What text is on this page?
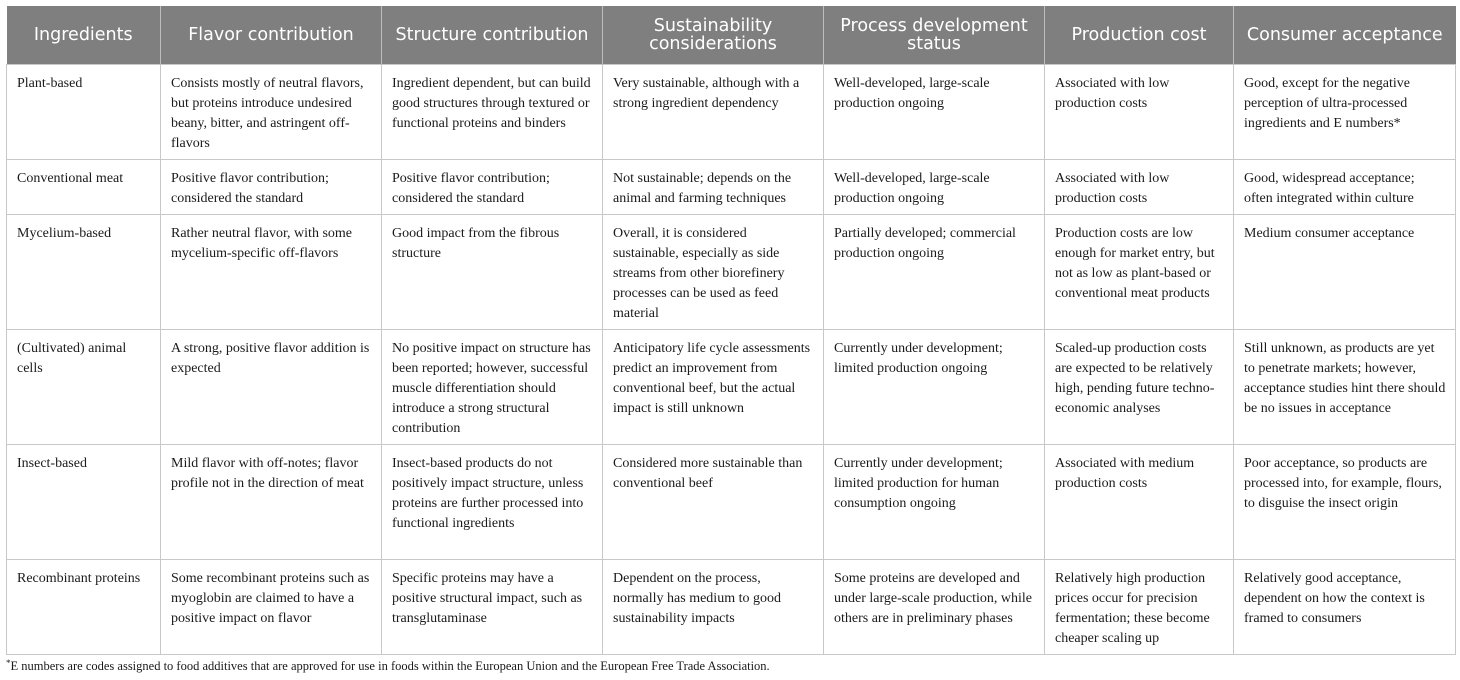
Ingredients	Flavor contribution	Structure contribution	Sustainability considerations	Process development status	Production cost	Consumer acceptance
Plant-based	Consists mostly of neutral flavors, but proteins introduce undesired beany, bitter, and astringent off-flavors	Ingredient dependent, but can build good structures through textured or functional proteins and binders	Very sustainable, although with a strong ingredient dependency	Well-developed, large-scale production ongoing	Associated with low production costs	Good, except for the negative perception of ultra-processed ingredients and E numbers*
Conventional meat	Positive flavor contribution; considered the standard	Positive flavor contribution; considered the standard	Not sustainable; depends on the animal and farming techniques	Well-developed, large-scale production ongoing	Associated with low production costs	Good, widespread acceptance; often integrated within culture
Mycelium-based	Rather neutral flavor, with some mycelium-specific off-flavors	Good impact from the fibrous structure	Overall, it is considered sustainable, especially as side streams from other biorefinery processes can be used as feed material	Partially developed; commercial production ongoing	Production costs are low enough for market entry, but not as low as plant-based or conventional meat products	Medium consumer acceptance
(Cultivated) animal cells	A strong, positive flavor addition is expected	No positive impact on structure has been reported; however, successful muscle differentiation should introduce a strong structural contribution	Anticipatory life cycle assessments predict an improvement from conventional beef, but the actual impact is still unknown	Currently under development; limited production ongoing	Scaled-up production costs are expected to be relatively high, pending future techno-economic analyses	Still unknown, as products are yet to penetrate markets; however, acceptance studies hint there should be no issues in acceptance
Insect-based	Mild flavor with off-notes; flavor profile not in the direction of meat	Insect-based products do not positively impact structure, unless proteins are further processed into functional ingredients	Considered more sustainable than conventional beef	Currently under development; limited production for human consumption ongoing	Associated with medium production costs	Poor acceptance, so products are processed into, for example, flours, to disguise the insect origin
Recombinant proteins	Some recombinant proteins such as myoglobin are claimed to have a positive impact on flavor	Specific proteins may have a positive structural impact, such as transglutaminase	Dependent on the process, normally has medium to good sustainability impacts	Some proteins are developed and under large-scale production, while others are in preliminary phases	Relatively high production prices occur for precision fermentation; these become cheaper scaling up	Relatively good acceptance, dependent on how the context is framed to consumers
*E numbers are codes assigned to food additives that are approved for use in foods within the European Union and the European Free Trade Association.
